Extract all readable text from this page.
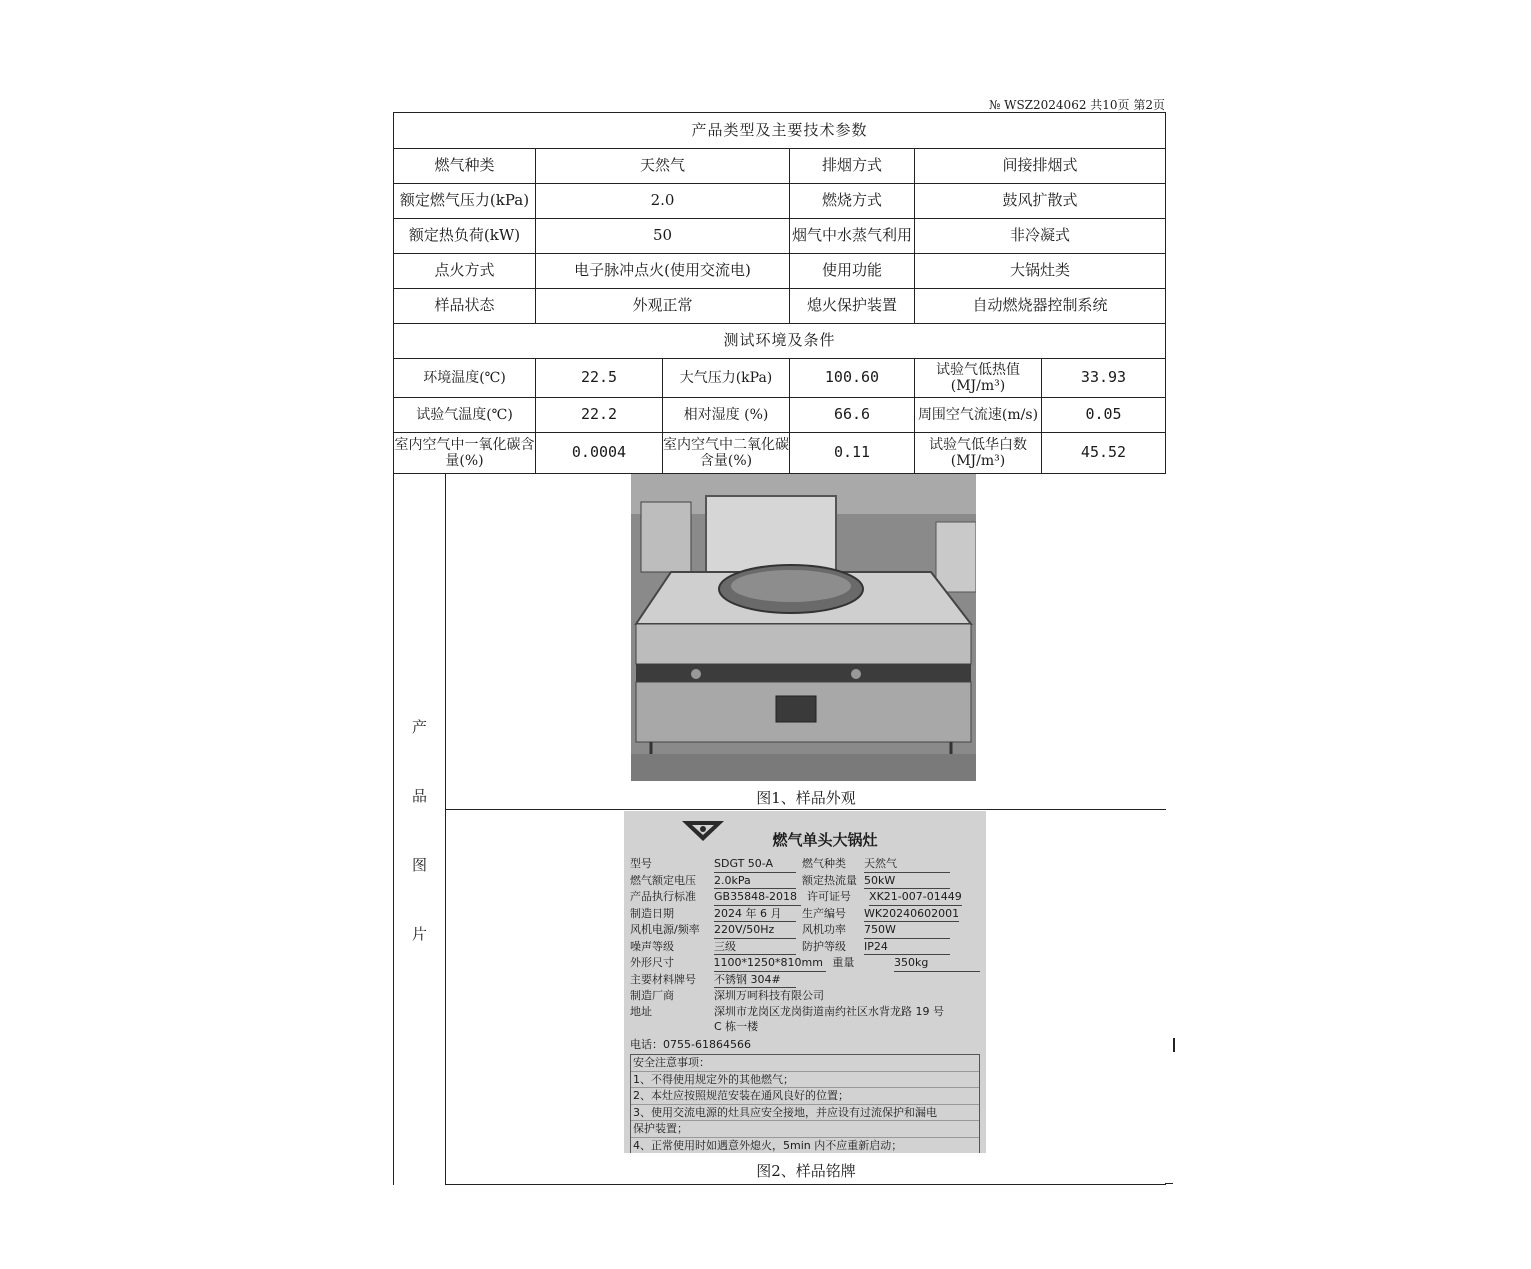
№ WSZ2024062 共10页 第2页
产品类型及主要技术参数
燃气种类	天然气	排烟方式	间接排烟式
额定燃气压力(kPa)	2.0	燃烧方式	鼓风扩散式
额定热负荷(kW)	50	烟气中水蒸气利用	非冷凝式
点火方式	电子脉冲点火(使用交流电)	使用功能	大锅灶类
样品状态	外观正常	熄火保护装置	自动燃烧器控制系统
测试环境及条件
环境温度(℃)	22.5	大气压力(kPa)	100.60	试验气低热值(MJ/m³)	33.93
试验气温度(℃)	22.2	相对湿度 (%)	66.6	周围空气流速(m/s)	0.05
室内空气中一氧化碳含量(%)	0.0004	室内空气中二氧化碳含量(%)	0.11	试验气低华白数(MJ/m³)	45.52
产
品
图
片
图1、样品外观
燃气单头大锅灶
型号	SDGT 50-A	燃气种类	天然气
燃气额定电压	2.0kPa	额定热流量 50kW
产品执行标准	GB35848-2018 许可证号	XK21-007-01449
制造日期	2024 年 6 月	生产编号	WK20240602001
风机电源/频率	220V/50Hz	风机功率	750W
噪声等级	三级	防护等级	IP24
外形尺寸	1100*1250*810mm 重量	350kg
主要材料牌号	不锈钢 304#
制造厂商	深圳万呵科技有限公司
地址	深圳市龙岗区龙岗街道南约社区水背龙路 19 号
C 栋一楼
电话：0755-61864566
安全注意事项：
1、不得使用规定外的其他燃气；
2、本灶应按照规范安装在通风良好的位置；
3、使用交流电源的灶具应安全接地，并应设有过流保护和漏电
保护装置；
4、正常使用时如遇意外熄火，5min 内不应重新启动；
图2、样品铭牌
